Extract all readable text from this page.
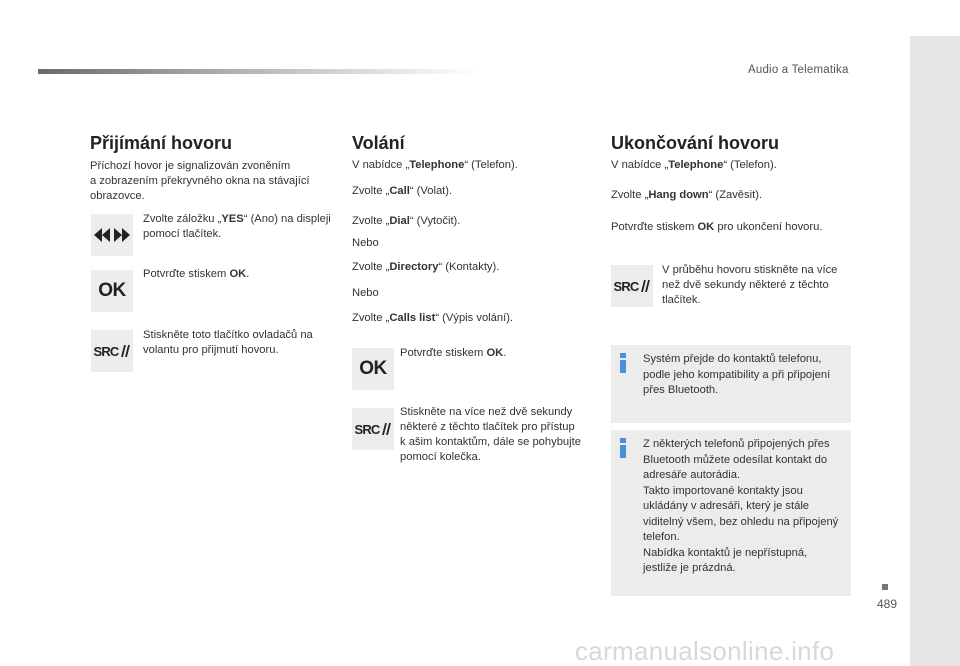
Audio a Telematika
489
carmanualsonline.info
Přijímání hovoru
Příchozí hovor je signalizován zvoněním
a zobrazením překryvného okna na stávající
obrazovce.
Zvolte záložku „YES“ (Ano) na displeji
pomocí tlačítek.
OK
Potvrďte stiskem OK.
SRC
Stiskněte toto tlačítko ovladačů na
volantu pro přijmutí hovoru.
Volání
V nabídce „Telephone“ (Telefon).
Zvolte „Call“ (Volat).
Zvolte „Dial“ (Vytočit).
Nebo
Zvolte „Directory“ (Kontakty).
Nebo
Zvolte „Calls list“ (Výpis volání).
OK
Potvrďte stiskem OK.
SRC
Stiskněte na více než dvě sekundy
některé z těchto tlačítek pro přístup
k ašim kontaktům, dále se pohybujte
pomocí kolečka.
Ukončování hovoru
V nabídce „Telephone“ (Telefon).
Zvolte „Hang down“ (Zavěsit).
Potvrďte stiskem OK pro ukončení hovoru.
SRC
V průběhu hovoru stiskněte na více
než dvě sekundy některé z těchto
tlačítek.
Systém přejde do kontaktů telefonu,
podle jeho kompatibility a při připojení
přes Bluetooth.
Z některých telefonů připojených přes
Bluetooth můžete odesílat kontakt do
adresáře autorádia.
Takto importované kontakty jsou
ukládány v adresáři, který je stále
viditelný všem, bez ohledu na připojený
telefon.
Nabídka kontaktů je nepřístupná,
jestliže je prázdná.
